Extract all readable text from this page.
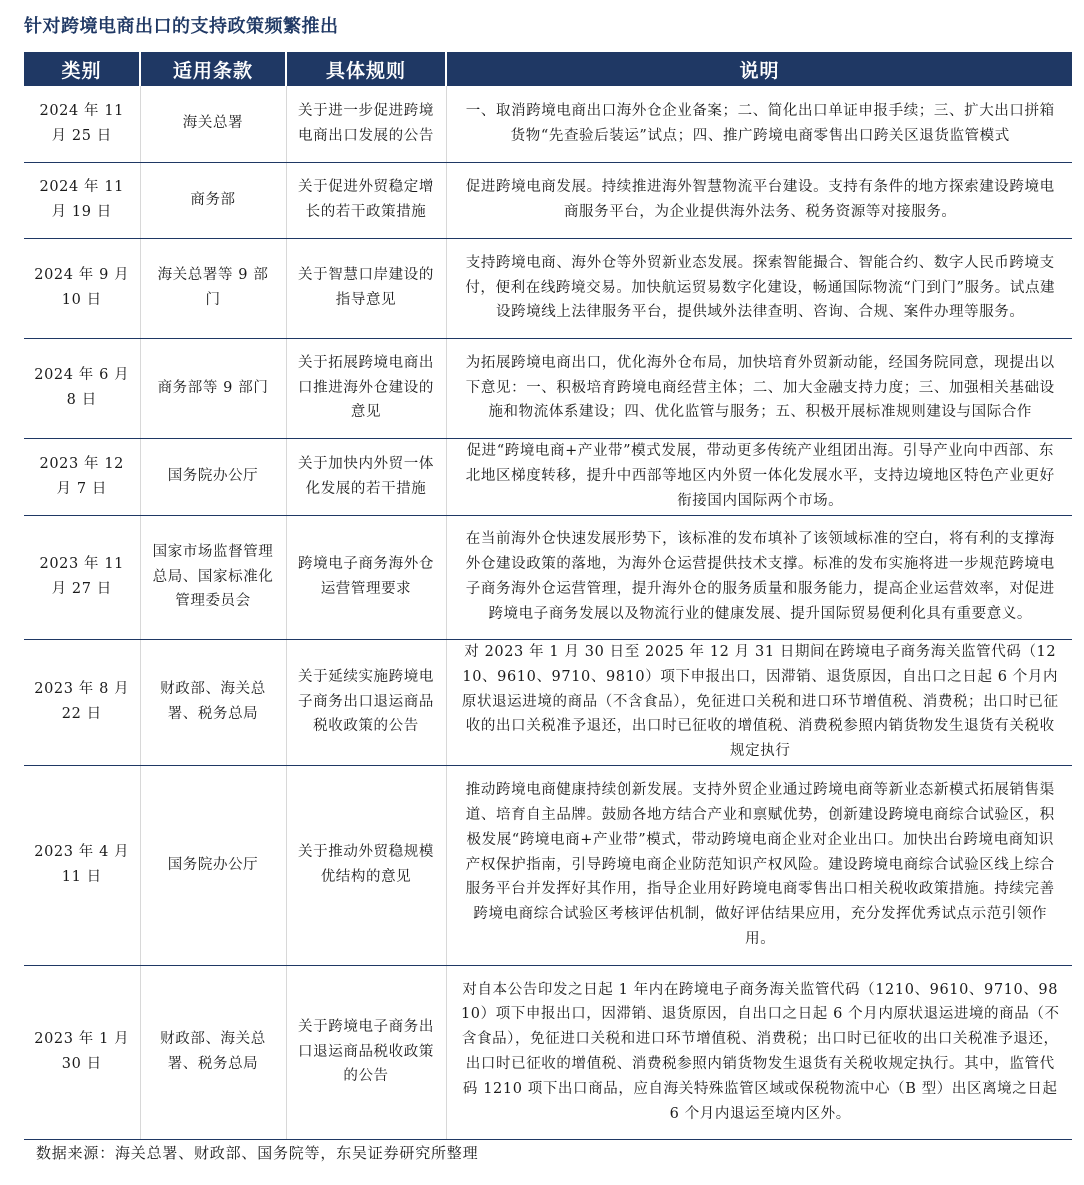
针对跨境电商出口的支持政策频繁推出
类别	适用条款	具体规则	说明
2024 年 11 月 25 日	海关总署	关于进一步促进跨境电商出口发展的公告	一、取消跨境电商出口海外仓企业备案；二、简化出口单证申报手续；三、扩大出口拼箱货物“先查验后装运”试点；四、推广跨境电商零售出口跨关区退货监管模式
2024 年 11 月 19 日	商务部	关于促进外贸稳定增长的若干政策措施	促进跨境电商发展。持续推进海外智慧物流平台建设。支持有条件的地方探索建设跨境电商服务平台，为企业提供海外法务、税务资源等对接服务。
2024 年 9 月 10 日	海关总署等 9 部门	关于智慧口岸建设的指导意见	支持跨境电商、海外仓等外贸新业态发展。探索智能撮合、智能合约、数字人民币跨境支付，便利在线跨境交易。加快航运贸易数字化建设，畅通国际物流“门到门”服务。试点建设跨境线上法律服务平台，提供域外法律查明、咨询、合规、案件办理等服务。
2024 年 6 月 8 日	商务部等 9 部门	关于拓展跨境电商出口推进海外仓建设的意见	为拓展跨境电商出口，优化海外仓布局，加快培育外贸新动能，经国务院同意，现提出以下意见：一、积极培育跨境电商经营主体；二、加大金融支持力度；三、加强相关基础设施和物流体系建设；四、优化监管与服务；五、积极开展标准规则建设与国际合作
2023 年 12 月 7 日	国务院办公厅	关于加快内外贸一体化发展的若干措施	促进“跨境电商+产业带”模式发展，带动更多传统产业组团出海。引导产业向中西部、东北地区梯度转移，提升中西部等地区内外贸一体化发展水平，支持边境地区特色产业更好衔接国内国际两个市场。
2023 年 11 月 27 日	国家市场监督管理总局、国家标准化管理委员会	跨境电子商务海外仓运营管理要求	在当前海外仓快速发展形势下，该标准的发布填补了该领域标准的空白，将有利的支撑海外仓建设政策的落地，为海外仓运营提供技术支撑。标准的发布实施将进一步规范跨境电子商务海外仓运营管理，提升海外仓的服务质量和服务能力，提高企业运营效率，对促进跨境电子商务发展以及物流行业的健康发展、提升国际贸易便利化具有重要意义。
2023 年 8 月 22 日	财政部、海关总署、税务总局	关于延续实施跨境电子商务出口退运商品税收政策的公告	对 2023 年 1 月 30 日至 2025 年 12 月 31 日期间在跨境电子商务海关监管代码（1210、9610、9710、9810）项下申报出口，因滞销、退货原因，自出口之日起 6 个月内原状退运进境的商品（不含食品），免征进口关税和进口环节增值税、消费税；出口时已征收的出口关税准予退还，出口时已征收的增值税、消费税参照内销货物发生退货有关税收规定执行
2023 年 4 月 11 日	国务院办公厅	关于推动外贸稳规模优结构的意见	推动跨境电商健康持续创新发展。支持外贸企业通过跨境电商等新业态新模式拓展销售渠道、培育自主品牌。鼓励各地方结合产业和禀赋优势，创新建设跨境电商综合试验区，积极发展“跨境电商+产业带”模式，带动跨境电商企业对企业出口。加快出台跨境电商知识产权保护指南，引导跨境电商企业防范知识产权风险。建设跨境电商综合试验区线上综合服务平台并发挥好其作用，指导企业用好跨境电商零售出口相关税收政策措施。持续完善跨境电商综合试验区考核评估机制，做好评估结果应用，充分发挥优秀试点示范引领作用。
2023 年 1 月 30 日	财政部、海关总署、税务总局	关于跨境电子商务出口退运商品税收政策的公告	对自本公告印发之日起 1 年内在跨境电子商务海关监管代码（1210、9610、9710、9810）项下申报出口，因滞销、退货原因，自出口之日起 6 个月内原状退运进境的商品（不含食品），免征进口关税和进口环节增值税、消费税；出口时已征收的出口关税准予退还，出口时已征收的增值税、消费税参照内销货物发生退货有关税收规定执行。其中，监管代码 1210 项下出口商品，应自海关特殊监管区域或保税物流中心（B 型）出区离境之日起 6 个月内退运至境内区外。
数据来源：海关总署、财政部、国务院等，东吴证券研究所整理
